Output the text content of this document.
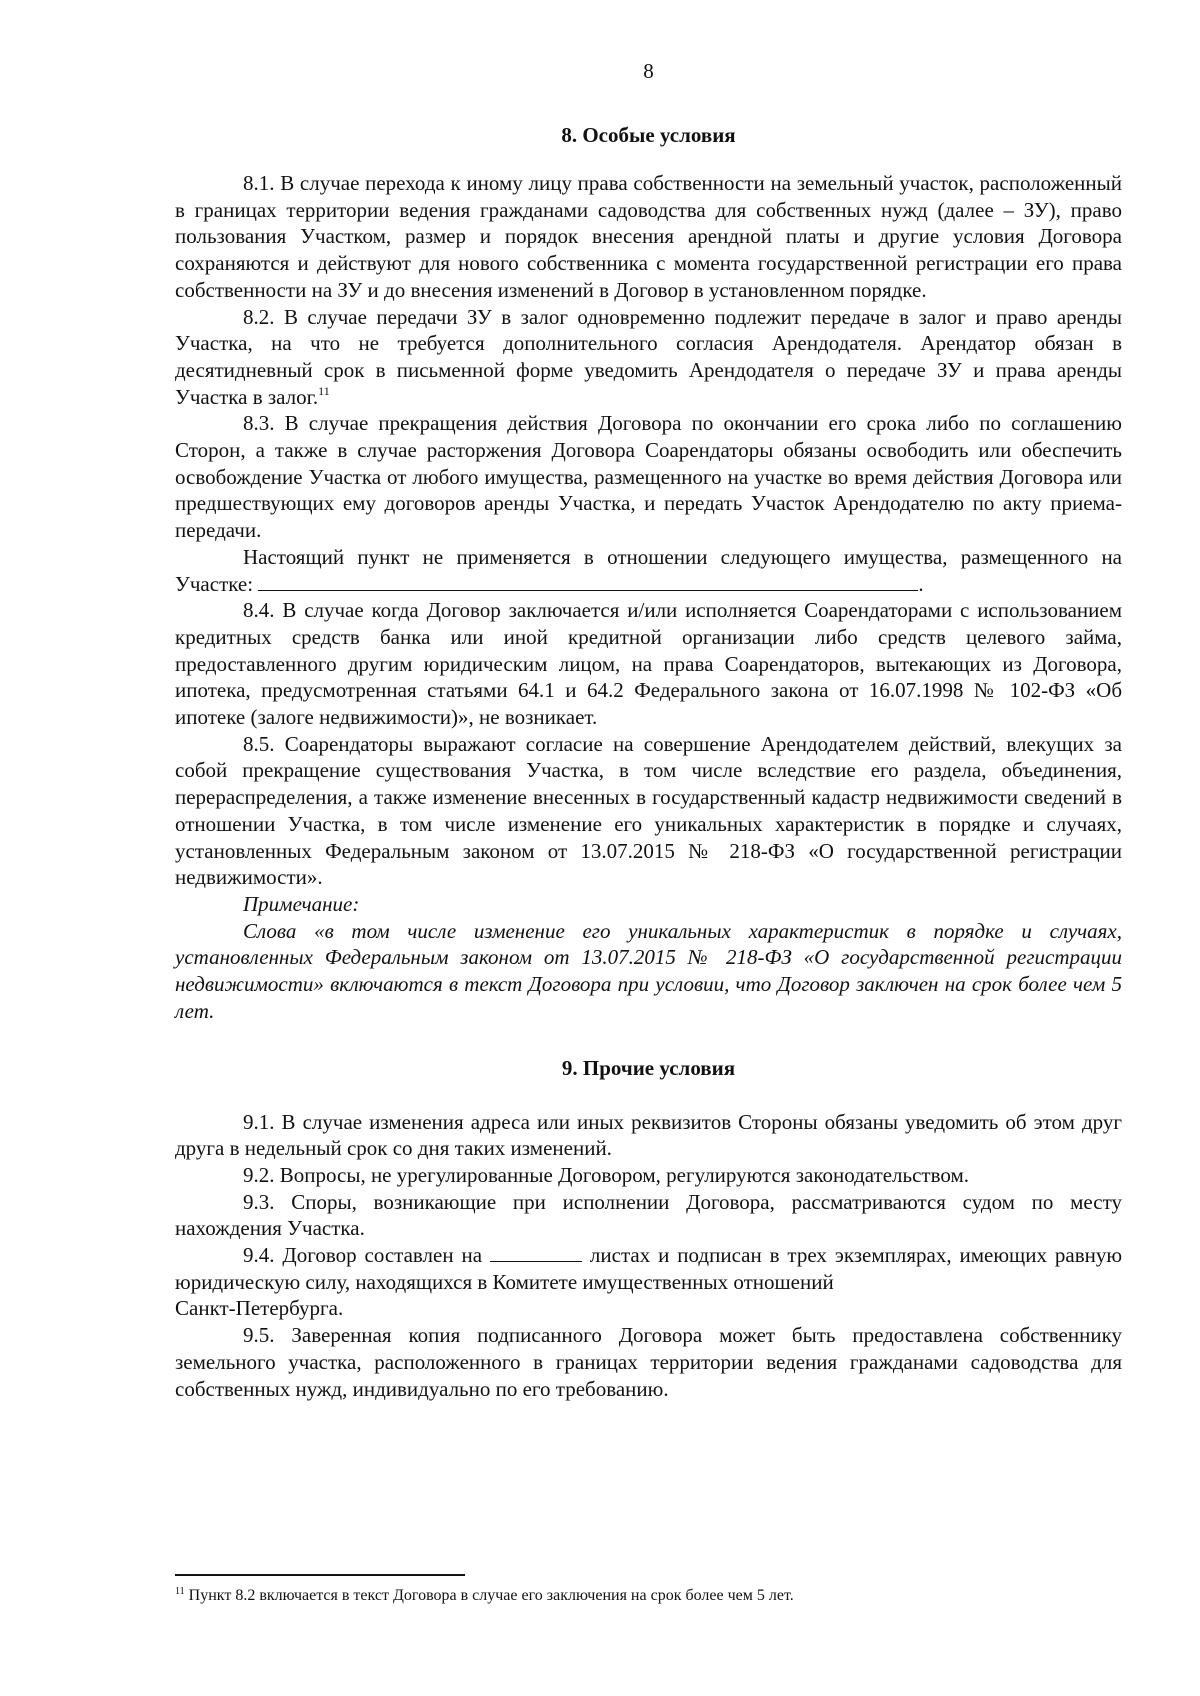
8

8. Особые условия

8.1. В случае перехода к иному лицу права собственности на земельный участок, расположенный в границах территории ведения гражданами садоводства для собственных нужд (далее – ЗУ), право пользования Участком, размер и порядок внесения арендной платы и другие условия Договора сохраняются и действуют для нового собственника с момента государственной регистрации его права собственности на ЗУ и до внесения изменений в Договор в установленном порядке.

8.2. В случае передачи ЗУ в залог одновременно подлежит передаче в залог и право аренды Участка, на что не требуется дополнительного согласия Арендодателя. Арендатор обязан в десятидневный срок в письменной форме уведомить Арендодателя о передаче ЗУ и права аренды Участка в залог.$^{11}$

8.3. В случае прекращения действия Договора по окончании его срока либо по соглашению Сторон, а также в случае расторжения Договора Соарендаторы обязаны освободить или обеспечить освобождение Участка от любого имущества, размещенного на участке во время действия Договора или предшествующих ему договоров аренды Участка, и передать Участок Арендодателю по акту приема-передачи.

Настоящий пункт не применяется в отношении следующего имущества, размещенного на Участке:	.

8.4. В случае когда Договор заключается и/или исполняется Соарендаторами с использованием кредитных средств банка или иной кредитной организации либо средств целевого займа, предоставленного другим юридическим лицом, на права Соарендаторов, вытекающих из Договора, ипотека, предусмотренная статьями 64.1 и 64.2 Федерального закона от 16.07.1998 № 102-ФЗ «Об ипотеке (залоге недвижимости)», не возникает.

8.5. Соарендаторы выражают согласие на совершение Арендодателем действий, влекущих за собой прекращение существования Участка, в том числе вследствие его раздела, объединения, перераспределения, а также изменение внесенных в государственный кадастр недвижимости сведений в отношении Участка, в том числе изменение его уникальных характеристик в порядке и случаях, установленных Федеральным законом от 13.07.2015 № 218-ФЗ «О государственной регистрации недвижимости».

Примечание:

Слова «в том числе изменение его уникальных характеристик в порядке и случаях, установленных Федеральным законом от 13.07.2015 № 218-ФЗ «О государственной регистрации недвижимости» включаются в текст Договора при условии, что Договор заключен на срок более чем 5 лет.

9. Прочие условия

9.1. В случае изменения адреса или иных реквизитов Стороны обязаны уведомить об этом друг друга в недельный срок со дня таких изменений.

9.2. Вопросы, не урегулированные Договором, регулируются законодательством.

9.3. Споры, возникающие при исполнении Договора, рассматриваются судом по месту нахождения Участка.

9.4. Договор составлен на	листах и подписан в трех экземплярах, имеющих равную юридическую силу, находящихся в Комитете имущественных отношений

Санкт-Петербурга.

9.5. Заверенная копия подписанного Договора может быть предоставлена собственнику земельного участка, расположенного в границах территории ведения гражданами садоводства для собственных нужд, индивидуально по его требованию.

$^{11}$ Пункт 8.2 включается в текст Договора в случае его заключения на срок более чем 5 лет.
